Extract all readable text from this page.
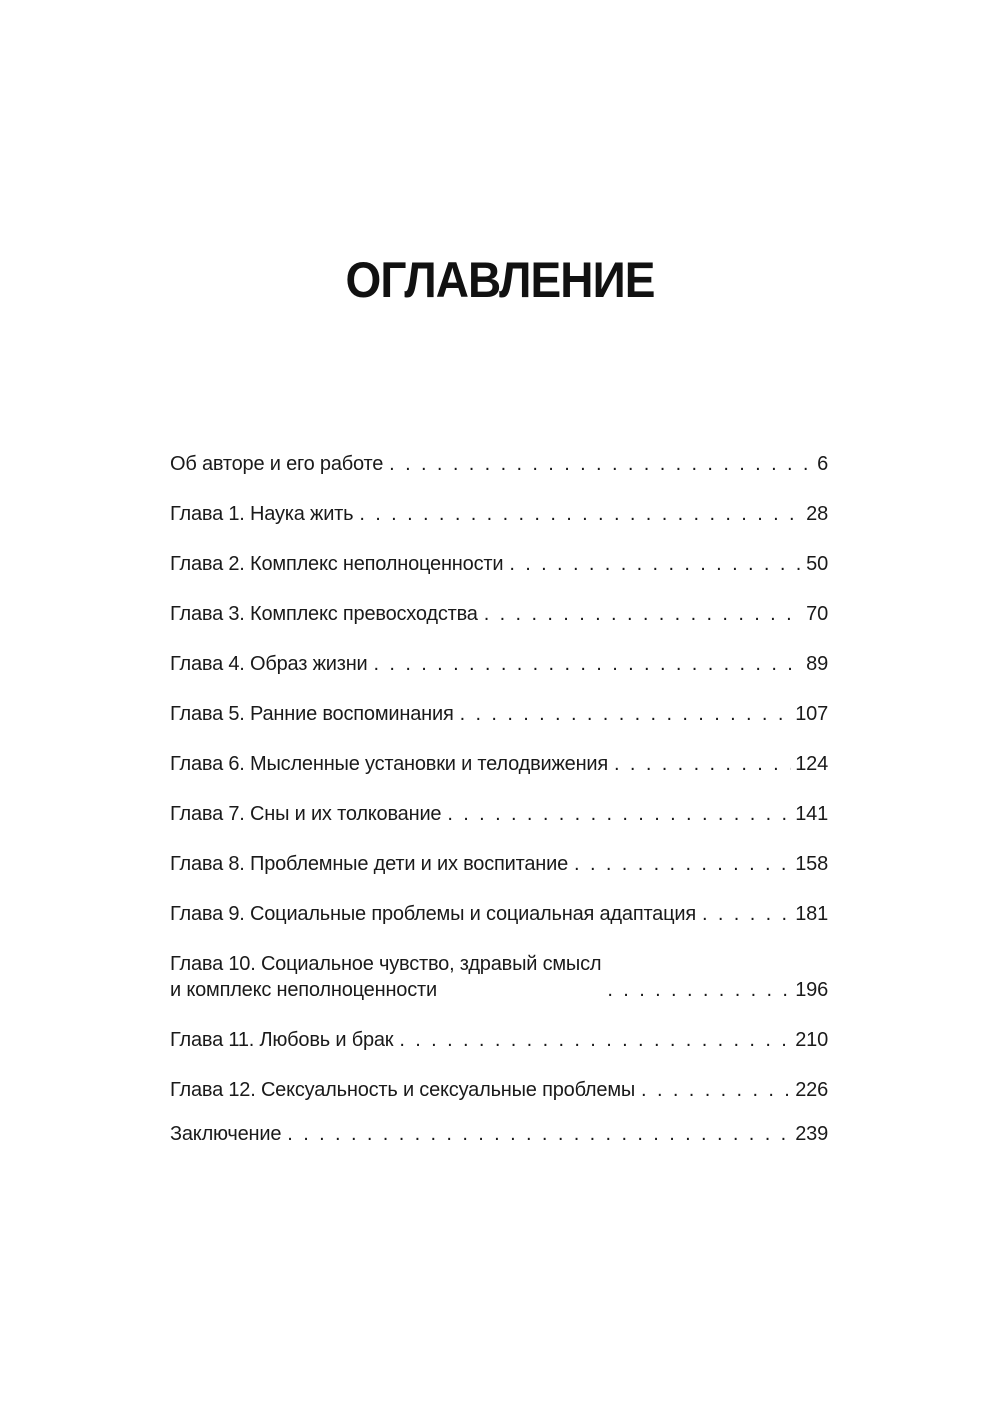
ОГЛАВЛЕНИЕ
Об авторе и его работе . . .	6
Глава 1. Наука жить . . .	28
Глава 2. Комплекс неполноценности . . .	50
Глава 3. Комплекс превосходства . . .	70
Глава 4. Образ жизни . . .	89
Глава 5. Ранние воспоминания . . .	107
Глава 6. Мысленные установки и телодвижения . . .	124
Глава 7. Сны и их толкование . . .	141
Глава 8. Проблемные дети и их воспитание . . .	158
Глава 9. Социальные проблемы и социальная адаптация . . .	181
Глава 10. Социальное чувство, здравый смысл
и комплекс неполноценности . . .	196
Глава 11. Любовь и брак . . .	210
Глава 12. Сексуальность и сексуальные проблемы . . .	226
Заключение . . .	239
